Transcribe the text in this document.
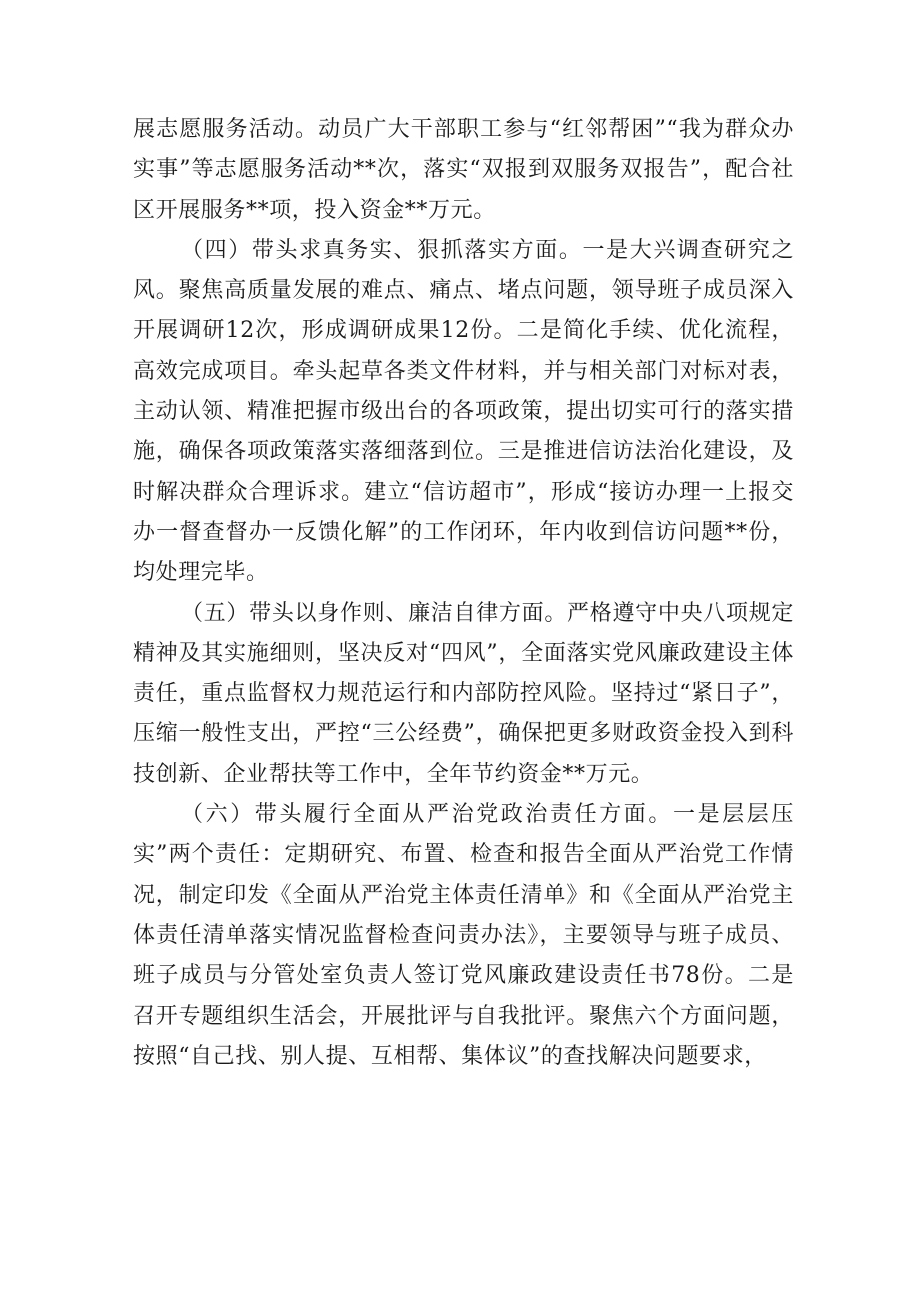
展志愿服务活动。动员广大干部职工参与“红邻帮困”“我为群众办实事”等志愿服务活动**次，落实“双报到双服务双报告”，配合社区开展服务**项，投入资金**万元。

（四）带头求真务实、狠抓落实方面。一是大兴调查研究之风。聚焦高质量发展的难点、痛点、堵点问题，领导班子成员深入开展调研12次，形成调研成果12份。二是简化手续、优化流程，高效完成项目。牵头起草各类文件材料，并与相关部门对标对表，主动认领、精准把握市级出台的各项政策，提出切实可行的落实措施，确保各项政策落实落细落到位。三是推进信访法治化建设，及时解决群众合理诉求。建立“信访超市”，形成“接访办理一上报交办一督查督办一反馈化解”的工作闭环，年内收到信访问题**份，均处理完毕。

（五）带头以身作则、廉洁自律方面。严格遵守中央八项规定精神及其实施细则，坚决反对“四风”，全面落实党风廉政建设主体责任，重点监督权力规范运行和内部防控风险。坚持过“紧日子”，压缩一般性支出，严控“三公经费”，确保把更多财政资金投入到科技创新、企业帮扶等工作中，全年节约资金**万元。

（六）带头履行全面从严治党政治责任方面。一是层层压实”两个责任：定期研究、布置、检查和报告全面从严治党工作情况，制定印发《全面从严治党主体责任清单》和《全面从严治党主体责任清单落实情况监督检查问责办法》，主要领导与班子成员、班子成员与分管处室负责人签订党风廉政建设责任书78份。二是召开专题组织生活会，开展批评与自我批评。聚焦六个方面问题，按照“自己找、别人提、互相帮、集体议”的查找解决问题要求，
